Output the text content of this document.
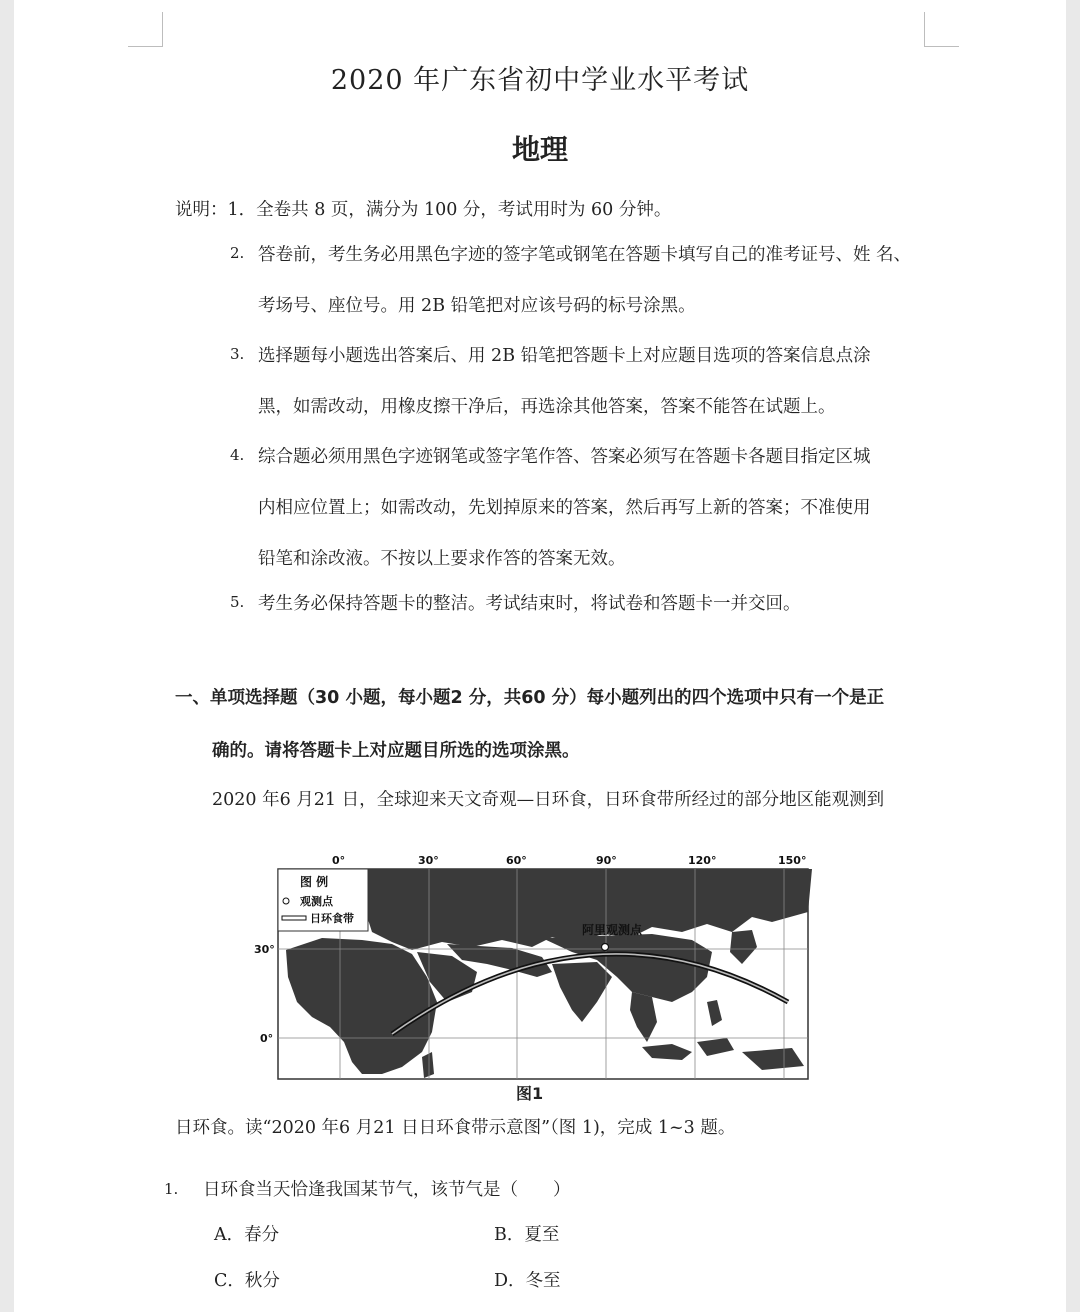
2020 年广东省初中学业水平考试
地理
说明：1．全卷共 8 页，满分为 100 分，考试用时为 60 分钟。
2. 答卷前，考生务必用黑色字迹的签字笔或钢笔在答题卡填写自己的准考证号、姓 名、
考场号、座位号。用 2B 铅笔把对应该号码的标号涂黑。
3. 选择题每小题选出答案后、用 2B 铅笔把答题卡上对应题目选项的答案信息点涂
黑，如需改动，用橡皮擦干净后，再选涂其他答案，答案不能答在试题上。
4. 综合题必须用黑色字迹钢笔或签字笔作答、答案必须写在答题卡各题目指定区城
内相应位置上；如需改动，先划掉原来的答案，然后再写上新的答案；不准使用
铅笔和涂改液。不按以上要求作答的答案无效。
5. 考生务必保持答题卡的整洁。考试结束时，将试卷和答题卡一并交回。
一、单项选择题（30 小题，每小题2 分，共60 分）每小题列出的四个选项中只有一个是正
确的。请将答题卡上对应题目所选的选项涂黑。
2020 年6 月21 日，全球迎来天文奇观—日环食，日环食带所经过的部分地区能观测到
阿里观测点
图 例
观测点
日环食带
0°	30°	60°	90°	120°	150°
30°
0°
图1
日环食。读“2020 年6 月21 日日环食带示意图”（图 1)，完成 1~3 题。
1. 日环食当天恰逢我国某节气，该节气是（　　）
A．春分	B．夏至
C．秋分	D．冬至
